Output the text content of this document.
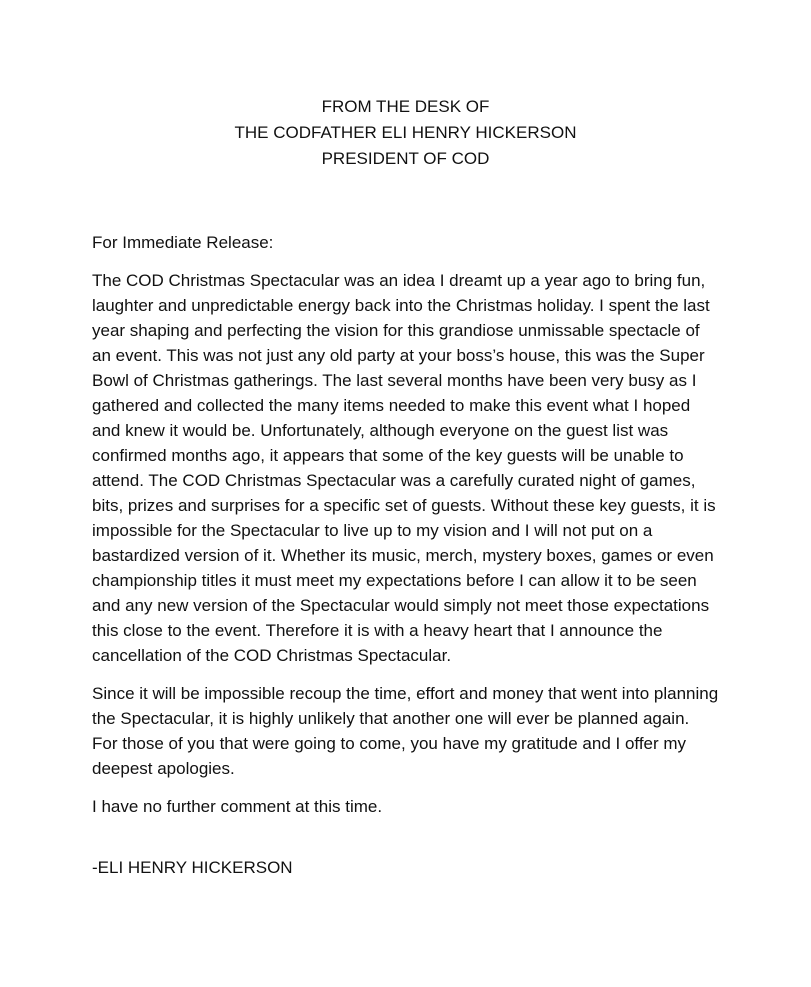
FROM THE DESK OF
THE CODFATHER ELI HENRY HICKERSON
PRESIDENT OF COD

For Immediate Release:

The COD Christmas Spectacular was an idea I dreamt up a year ago to bring fun, laughter and unpredictable energy back into the Christmas holiday. I spent the last year shaping and perfecting the vision for this grandiose unmissable spectacle of an event. This was not just any old party at your boss’s house, this was the Super Bowl of Christmas gatherings. The last several months have been very busy as I gathered and collected the many items needed to make this event what I hoped and knew it would be. Unfortunately, although everyone on the guest list was confirmed months ago, it appears that some of the key guests will be unable to attend. The COD Christmas Spectacular was a carefully curated night of games, bits, prizes and surprises for a specific set of guests. Without these key guests, it is impossible for the Spectacular to live up to my vision and I will not put on a bastardized version of it. Whether its music, merch, mystery boxes, games or even championship titles it must meet my expectations before I can allow it to be seen and any new version of the Spectacular would simply not meet those expectations this close to the event. Therefore it is with a heavy heart that I announce the cancellation of the COD Christmas Spectacular.

Since it will be impossible recoup the time, effort and money that went into planning the Spectacular, it is highly unlikely that another one will ever be planned again. For those of you that were going to come, you have my gratitude and I offer my deepest apologies.

I have no further comment at this time.

-ELI HENRY HICKERSON
